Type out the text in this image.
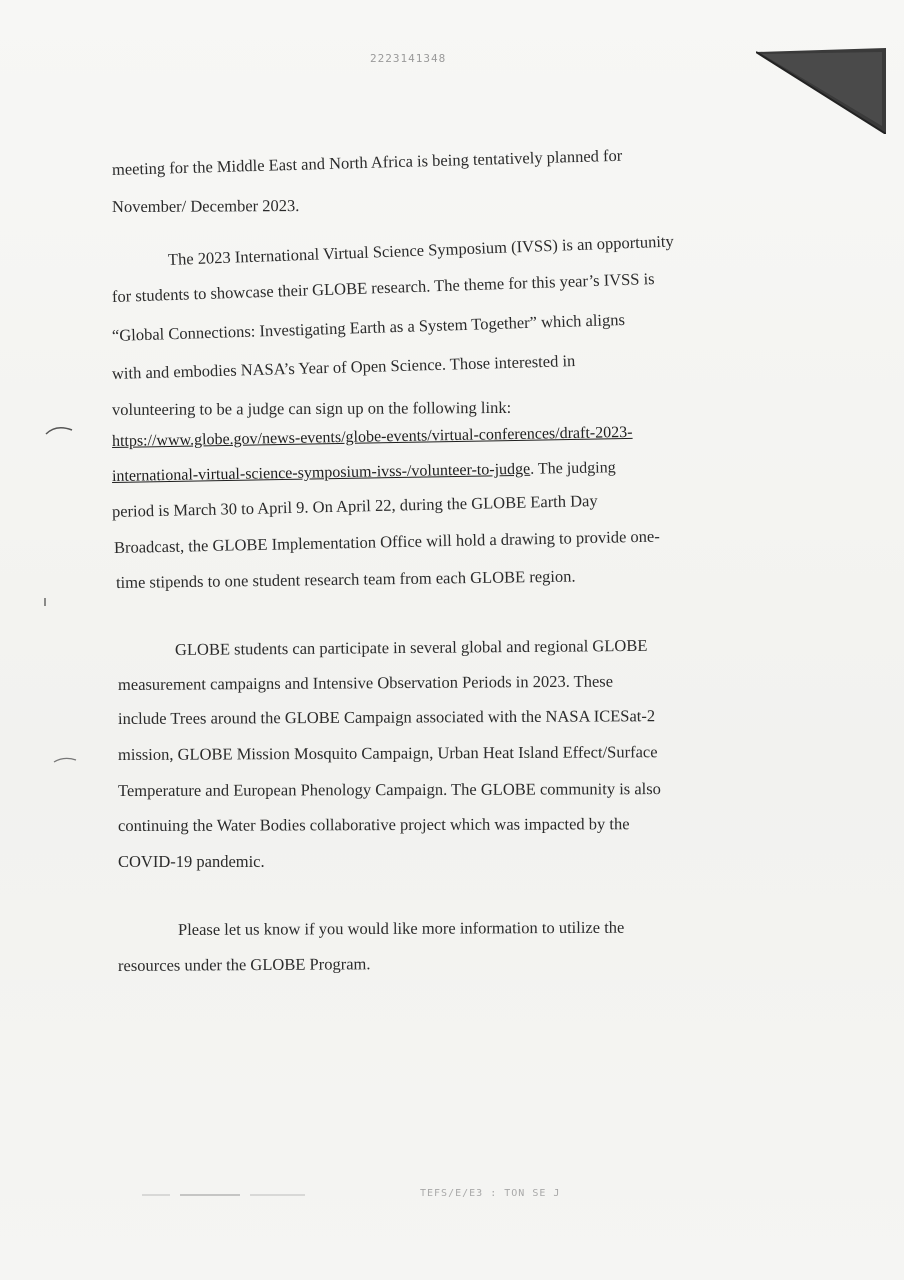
2223141348
meeting for the Middle East and North Africa is being tentatively planned for
November/ December 2023.
The 2023 International Virtual Science Symposium (IVSS) is an opportunity
for students to showcase their GLOBE research. The theme for this year’s IVSS is
“Global Connections: Investigating Earth as a System Together” which aligns
with and embodies NASA’s Year of Open Science. Those interested in
volunteering to be a judge can sign up on the following link:
https://www.globe.gov/news-events/globe-events/virtual-conferences/draft-2023-
international-virtual-science-symposium-ivss-/volunteer-to-judge. The judging
period is March 30 to April 9. On April 22, during the GLOBE Earth Day
Broadcast, the GLOBE Implementation Office will hold a drawing to provide one-
time stipends to one student research team from each GLOBE region.
GLOBE students can participate in several global and regional GLOBE
measurement campaigns and Intensive Observation Periods in 2023. These
include Trees around the GLOBE Campaign associated with the NASA ICESat-2
mission, GLOBE Mission Mosquito Campaign, Urban Heat Island Effect/Surface
Temperature and European Phenology Campaign. The GLOBE community is also
continuing the Water Bodies collaborative project which was impacted by the
COVID-19 pandemic.
Please let us know if you would like more information to utilize the
resources under the GLOBE Program.
TEFS/E/E3 : TON SE J
